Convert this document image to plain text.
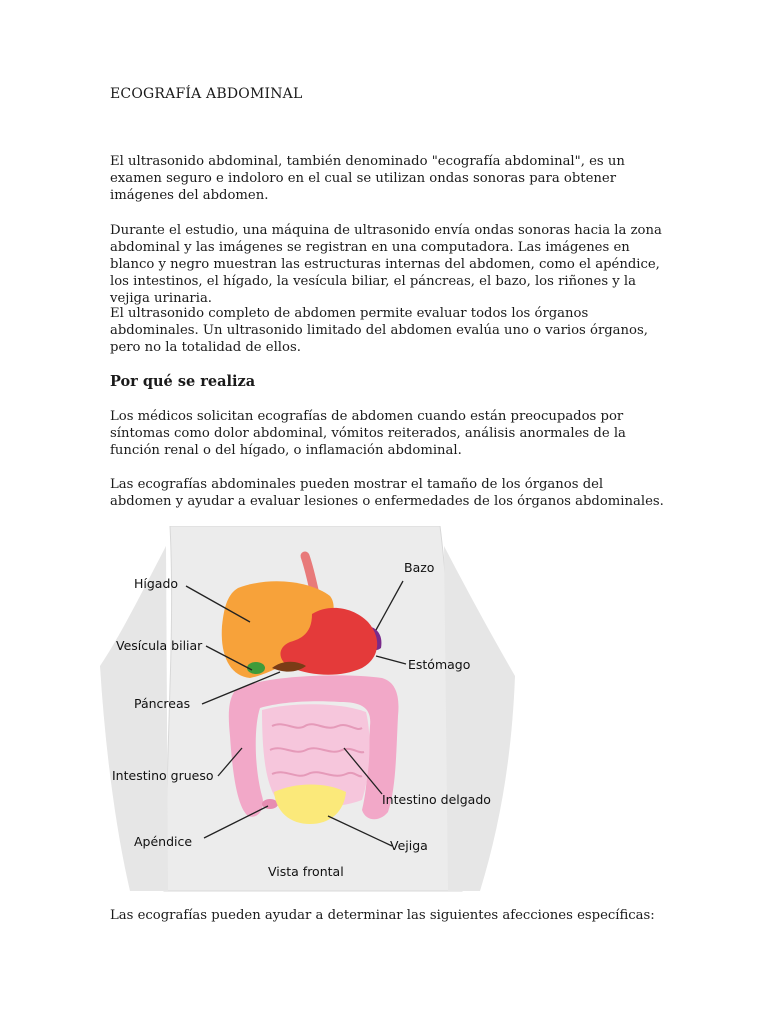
ECOGRAFÍA ABDOMINAL
El ultrasonido abdominal, también denominado "ecografía abdominal", es un examen seguro e indoloro en el cual se utilizan ondas sonoras para obtener imágenes del abdomen.
Durante el estudio, una máquina de ultrasonido envía ondas sonoras hacia la zona abdominal y las imágenes se registran en una computadora. Las imágenes en blanco y negro muestran las estructuras internas del abdomen, como el apéndice, los intestinos, el hígado, la vesícula biliar, el páncreas, el bazo, los riñones y la vejiga urinaria.
El ultrasonido completo de abdomen permite evaluar todos los órganos abdominales. Un ultrasonido limitado del abdomen evalúa uno o varios órganos, pero no la totalidad de ellos.
Por qué se realiza
Los médicos solicitan ecografías de abdomen cuando están preocupados por síntomas como dolor abdominal, vómitos reiterados, análisis anormales de la función renal o del hígado, o inflamación abdominal.
Las ecografías abdominales pueden mostrar el tamaño de los órganos del abdomen y ayudar a evaluar lesiones o enfermedades de los órganos abdominales.
Hígado
Bazo
Vesícula biliar
Estómago
Páncreas
Intestino grueso
Intestino delgado
Apéndice	Vejiga
Vista frontal
Las ecografías pueden ayudar a determinar las siguientes afecciones específicas:
